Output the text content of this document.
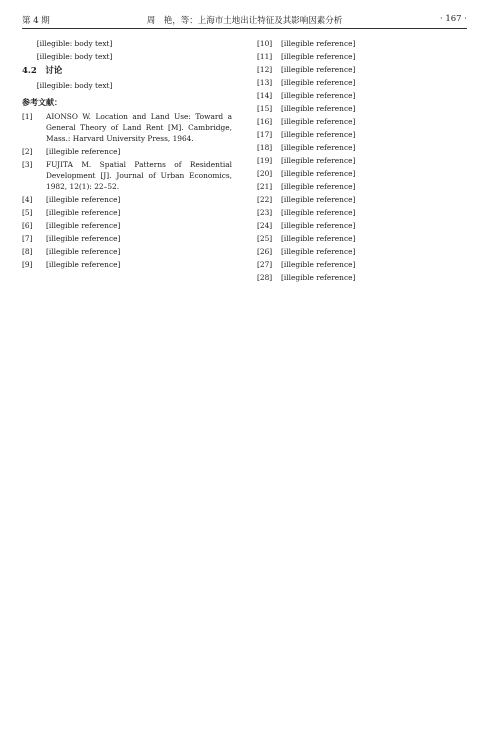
第 4 期	周　艳，等：上海市土地出让特征及其影响因素分析	· 167 ·

[illegible: body text]

[illegible: body text]

4.2　讨论

[illegible: body text]

参考文献：
[1]	AIONSO W. Location and Land Use: Toward a General Theory of Land Rent [M]. Cambridge, Mass.: Harvard University Press, 1964.
[2]	[illegible reference]
[3]	FUJITA M. Spatial Patterns of Residential Development [J]. Journal of Urban Economics, 1982, 12(1): 22–52.
[4]	[illegible reference]
[5]	[illegible reference]
[6]	[illegible reference]
[7]	[illegible reference]
[8]	[illegible reference]
[9]	[illegible reference]
[10]	[illegible reference]
[11]	[illegible reference]
[12]	[illegible reference]
[13]	[illegible reference]
[14]	[illegible reference]
[15]	[illegible reference]
[16]	[illegible reference]
[17]	[illegible reference]
[18]	[illegible reference]
[19]	[illegible reference]
[20]	[illegible reference]
[21]	[illegible reference]
[22]	[illegible reference]
[23]	[illegible reference]
[24]	[illegible reference]
[25]	[illegible reference]
[26]	[illegible reference]
[27]	[illegible reference]
[28]	[illegible reference]
